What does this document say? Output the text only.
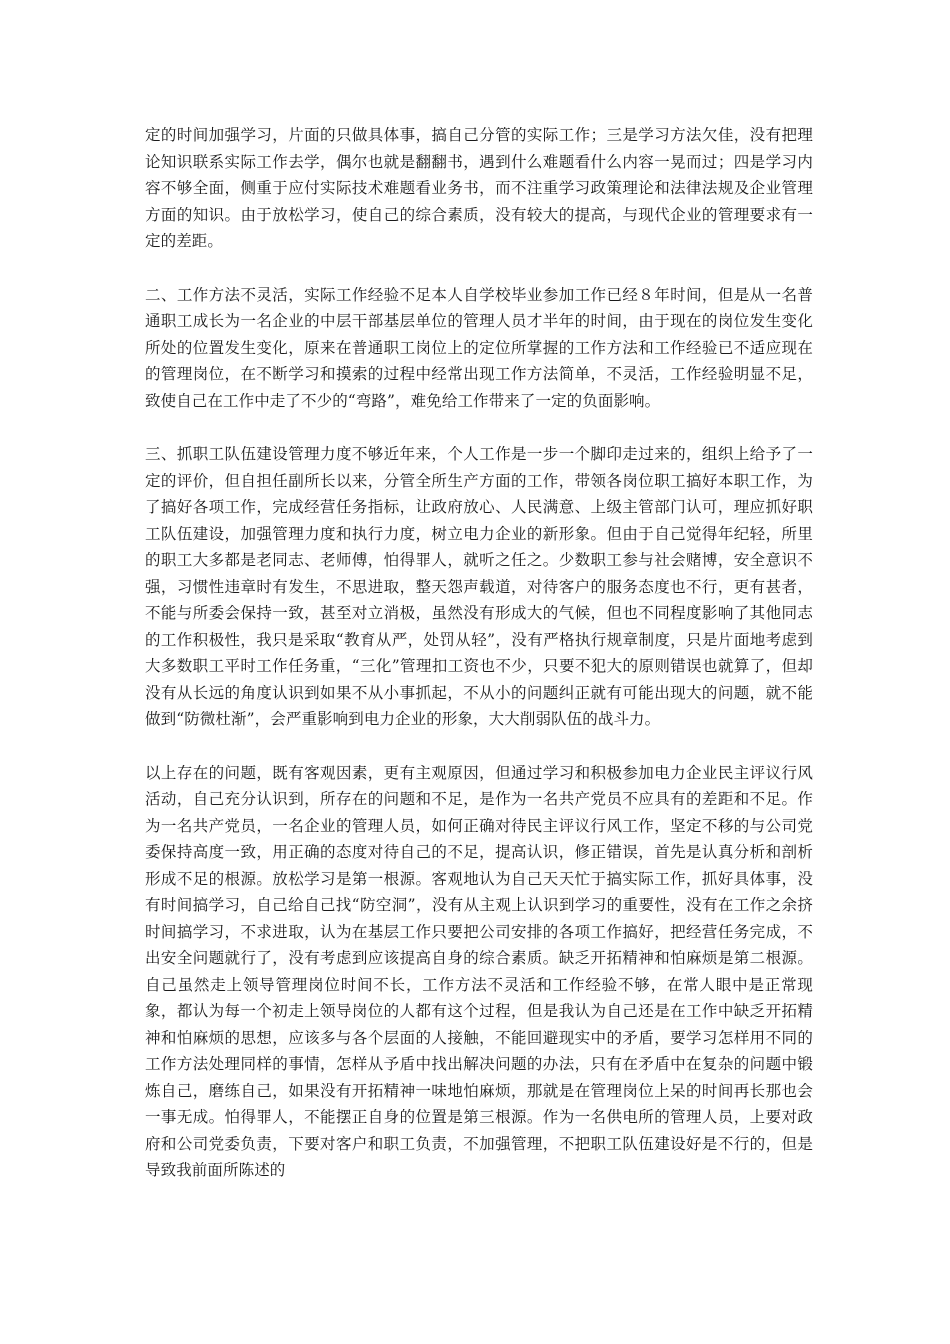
定的时间加强学习，片面的只做具体事，搞自己分管的实际工作；三是学习方法欠佳，没有把理论知识联系实际工作去学，偶尔也就是翻翻书，遇到什么难题看什么内容一晃而过；四是学习内容不够全面，侧重于应付实际技术难题看业务书，而不注重学习政策理论和法律法规及企业管理方面的知识。由于放松学习，使自己的综合素质，没有较大的提高，与现代企业的管理要求有一定的差距。

二、工作方法不灵活，实际工作经验不足本人自学校毕业参加工作已经８年时间，但是从一名普通职工成长为一名企业的中层干部基层单位的管理人员才半年的时间，由于现在的岗位发生变化所处的位置发生变化，原来在普通职工岗位上的定位所掌握的工作方法和工作经验已不适应现在的管理岗位，在不断学习和摸索的过程中经常出现工作方法简单，不灵活，工作经验明显不足，致使自己在工作中走了不少的“弯路”，难免给工作带来了一定的负面影响。

三、抓职工队伍建设管理力度不够近年来，个人工作是一步一个脚印走过来的，组织上给予了一定的评价，但自担任副所长以来，分管全所生产方面的工作，带领各岗位职工搞好本职工作，为了搞好各项工作，完成经营任务指标，让政府放心、人民满意、上级主管部门认可，理应抓好职工队伍建设，加强管理力度和执行力度，树立电力企业的新形象。但由于自己觉得年纪轻，所里的职工大多都是老同志、老师傅，怕得罪人，就听之任之。少数职工参与社会赌博，安全意识不强，习惯性违章时有发生，不思进取，整天怨声载道，对待客户的服务态度也不行，更有甚者，不能与所委会保持一致，甚至对立消极，虽然没有形成大的气候，但也不同程度影响了其他同志的工作积极性，我只是采取“教育从严，处罚从轻”，没有严格执行规章制度，只是片面地考虑到大多数职工平时工作任务重，“三化”管理扣工资也不少，只要不犯大的原则错误也就算了，但却没有从长远的角度认识到如果不从小事抓起，不从小的问题纠正就有可能出现大的问题，就不能做到“防微杜渐”，会严重影响到电力企业的形象，大大削弱队伍的战斗力。

以上存在的问题，既有客观因素，更有主观原因，但通过学习和积极参加电力企业民主评议行风活动，自己充分认识到，所存在的问题和不足，是作为一名共产党员不应具有的差距和不足。作为一名共产党员，一名企业的管理人员，如何正确对待民主评议行风工作，坚定不移的与公司党委保持高度一致，用正确的态度对待自己的不足，提高认识，修正错误，首先是认真分析和剖析形成不足的根源。放松学习是第一根源。客观地认为自己天天忙于搞实际工作，抓好具体事，没有时间搞学习，自己给自己找“防空洞”，没有从主观上认识到学习的重要性，没有在工作之余挤时间搞学习，不求进取，认为在基层工作只要把公司安排的各项工作搞好，把经营任务完成，不出安全问题就行了，没有考虑到应该提高自身的综合素质。缺乏开拓精神和怕麻烦是第二根源。自己虽然走上领导管理岗位时间不长，工作方法不灵活和工作经验不够，在常人眼中是正常现象，都认为每一个初走上领导岗位的人都有这个过程，但是我认为自己还是在工作中缺乏开拓精神和怕麻烦的思想，应该多与各个层面的人接触，不能回避现实中的矛盾，要学习怎样用不同的工作方法处理同样的事情，怎样从予盾中找出解决问题的办法，只有在矛盾中在复杂的问题中锻炼自己，磨练自己，如果没有开拓精神一味地怕麻烦，那就是在管理岗位上呆的时间再长那也会一事无成。怕得罪人，不能摆正自身的位置是第三根源。作为一名供电所的管理人员，上要对政府和公司党委负责，下要对客户和职工负责，不加强管理，不把职工队伍建设好是不行的，但是导致我前面所陈述的
